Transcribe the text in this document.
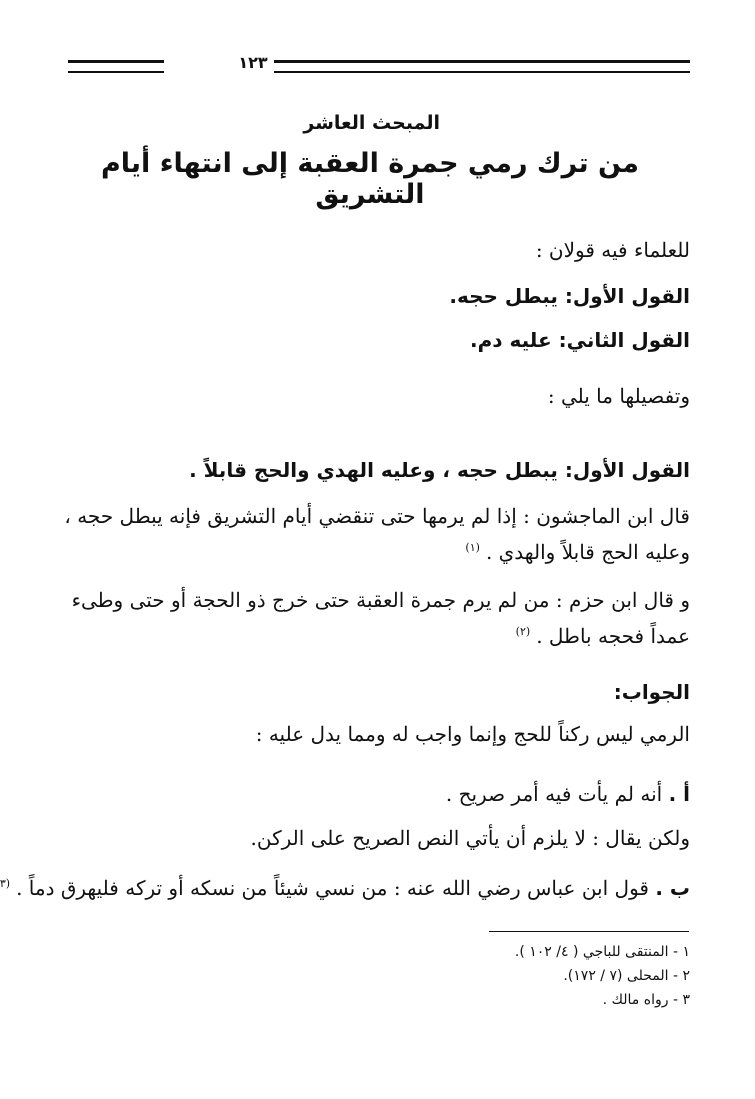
١٢٣
المبحث العاشر
من ترك رمي جمرة العقبة إلى انتهاء أيام التشريق
للعلماء فيه قولان :
القول الأول: يبطل حجه.
القول الثاني: عليه دم.
وتفصيلها ما يلي :
القول الأول: يبطل حجه ، وعليه الهدي والحج قابلاً .
قال ابن الماجشون : إذا لم يرمها حتى تنقضي أيام التشريق فإنه يبطل حجه ،
وعليه الحج قابلاً والهدي .$^{(١)}$
و قال ابن حزم : من لم يرم جمرة العقبة حتى خرج ذو الحجة أو حتى وطىء
عمداً فحجه باطل .$^{(٢)}$
الجواب:
الرمي ليس ركناً للحج وإنما واجب له ومما يدل عليه :
أ . أنه لم يأت فيه أمر صريح .
ولكن يقال : لا يلزم أن يأتي النص الصريح على الركن.
ب . قول ابن عباس رضي الله عنه : من نسي شيئاً من نسكه أو تركه فليهرق دماً .$^{(٣}$
١ - المنتقى للباجي ( ٤/ ١٠٢ ).
٢ - المحلى (٧ / ١٧٢).
٣ - رواه مالك .
